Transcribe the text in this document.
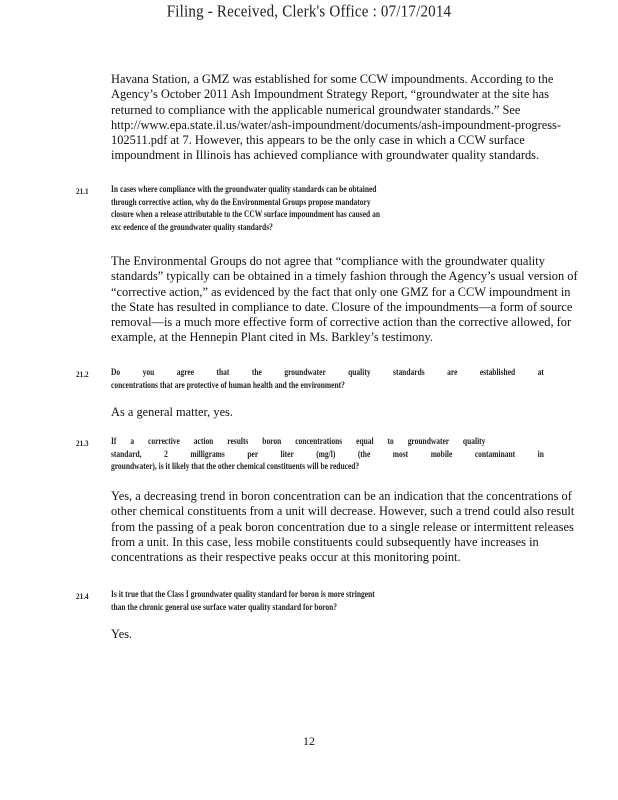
Filing - Received, Clerk's Office : 07/17/2014

Havana Station, a GMZ was established for some CCW impoundments. According to the Agency’s October 2011 Ash Impoundment Strategy Report, “groundwater at the site has returned to compliance with the applicable numerical groundwater standards.” See http://www.epa.state.il.us/water/ash-impoundment/documents/ash-impoundment-progress-102511.pdf at 7. However, this appears to be the only case in which a CCW surface impoundment in Illinois has achieved compliance with groundwater quality standards.

21.1 In cases where compliance with the groundwater quality standards can be obtained
through corrective action, why do the Environmental Groups propose mandatory
closure when a release attributable to the CCW surface impoundment has caused an
exc eedence of the groundwater quality standards?

The Environmental Groups do not agree that “compliance with the groundwater quality standards” typically can be obtained in a timely fashion through the Agency’s usual version of “corrective action,” as evidenced by the fact that only one GMZ for a CCW impoundment in the State has resulted in compliance to date. Closure of the impoundments—a form of source removal—is a much more effective form of corrective action than the corrective allowed, for example, at the Hennepin Plant cited in Ms. Barkley’s testimony.

21.2 Do you agree that the groundwater quality standards are established at
concentrations that are protective of human health and the environment?

As a general matter, yes.

21.3 If a corrective action results boron concentrations equal to groundwater quality
standard, 2 milligrams per liter (mg/l) (the most mobile contaminant in
groundwater), is it likely that the other chemical constituents will be reduced?

Yes, a decreasing trend in boron concentration can be an indication that the concentrations of other chemical constituents from a unit will decrease. However, such a trend could also result from the passing of a peak boron concentration due to a single release or intermittent releases from a unit. In this case, less mobile constituents could subsequently have increases in concentrations as their respective peaks occur at this monitoring point.

21.4 Is it true that the Class I groundwater quality standard for boron is more stringent
than the chronic general use surface water quality standard for boron?

Yes.

12
